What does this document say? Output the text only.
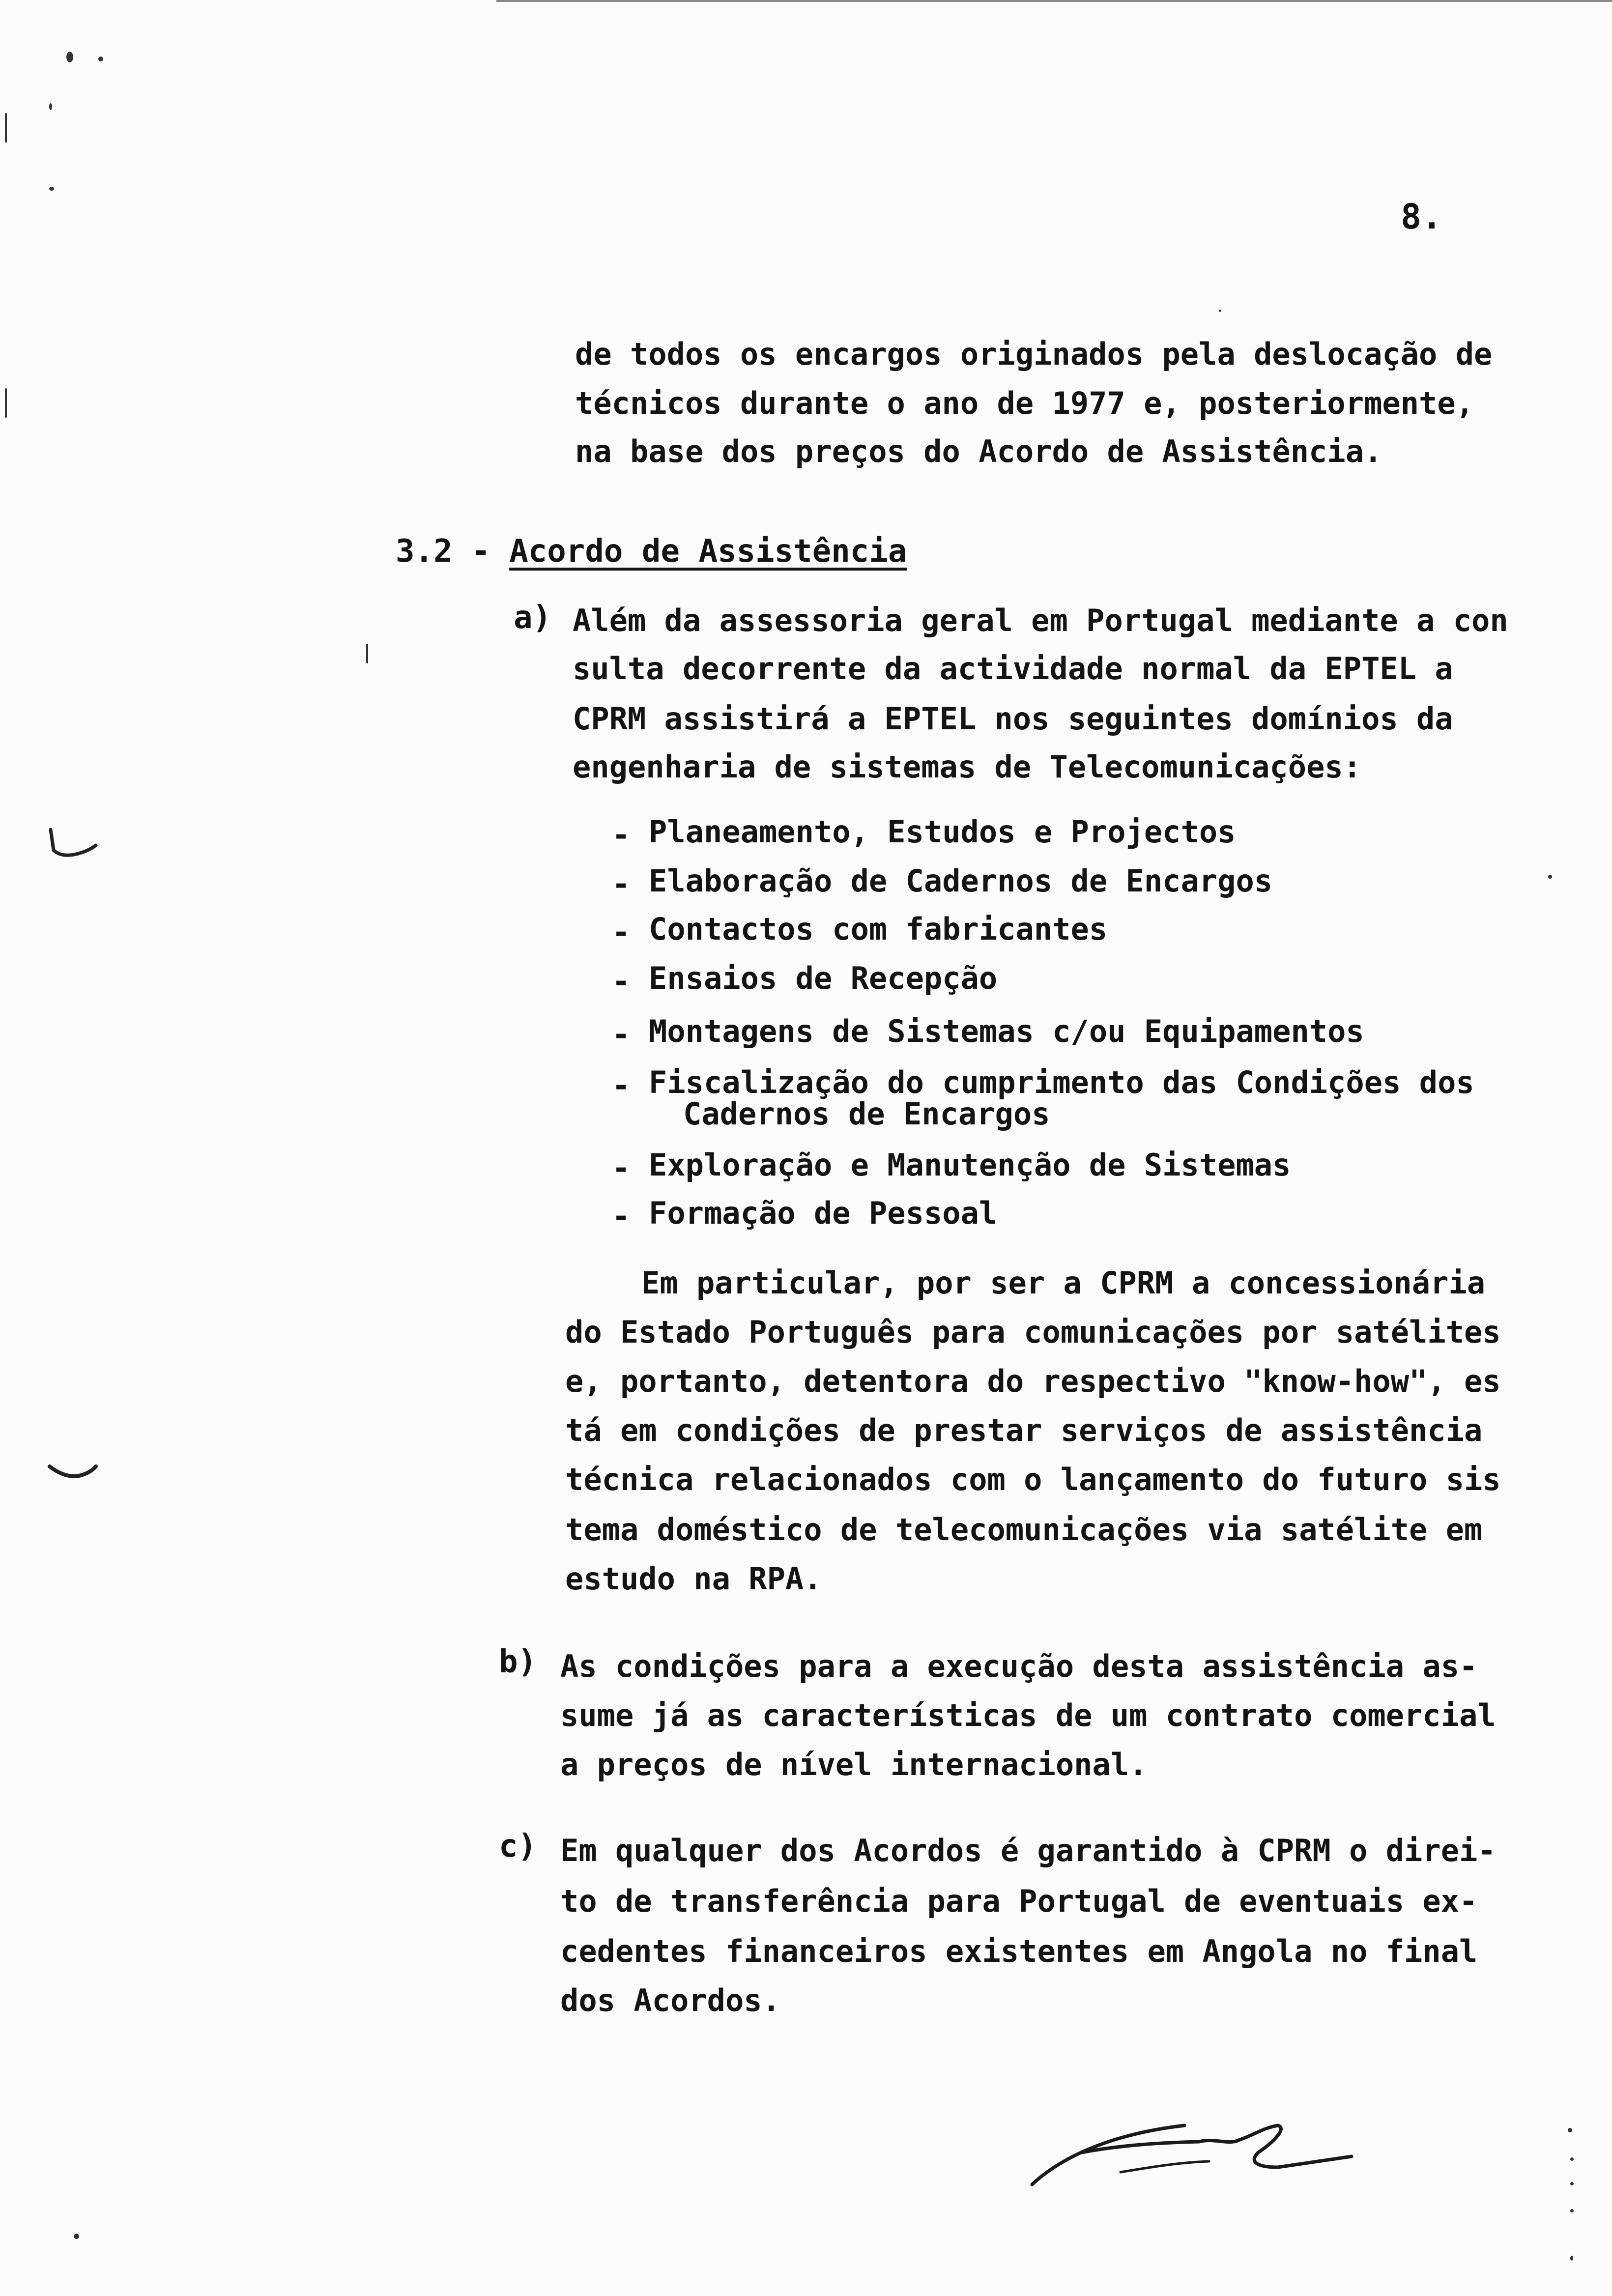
8.
de todos os encargos originados pela deslocação de
técnicos durante o ano de 1977 e, posteriormente,
na base dos preços do Acordo de Assistência.
3.2 - Acordo de Assistência
a) Além da assessoria geral em Portugal mediante a con
sulta decorrente da actividade normal da EPTEL a
CPRM assistirá a EPTEL nos seguintes domínios da
engenharia de sistemas de Telecomunicações:
- Planeamento, Estudos e Projectos
- Elaboração de Cadernos de Encargos
- Contactos com fabricantes
- Ensaios de Recepção
- Montagens de Sistemas c/ou Equipamentos
- Fiscalização do cumprimento das Condições dos
Cadernos de Encargos
- Exploração e Manutenção de Sistemas
- Formação de Pessoal
Em particular, por ser a CPRM a concessionária
do Estado Português para comunicações por satélites
e, portanto, detentora do respectivo "know-how", es
tá em condições de prestar serviços de assistência
técnica relacionados com o lançamento do futuro sis
tema doméstico de telecomunicações via satélite em
estudo na RPA.
b) As condições para a execução desta assistência as-
sume já as características de um contrato comercial
a preços de nível internacional.
c) Em qualquer dos Acordos é garantido à CPRM o direi-
to de transferência para Portugal de eventuais ex-
cedentes financeiros existentes em Angola no final
dos Acordos.
